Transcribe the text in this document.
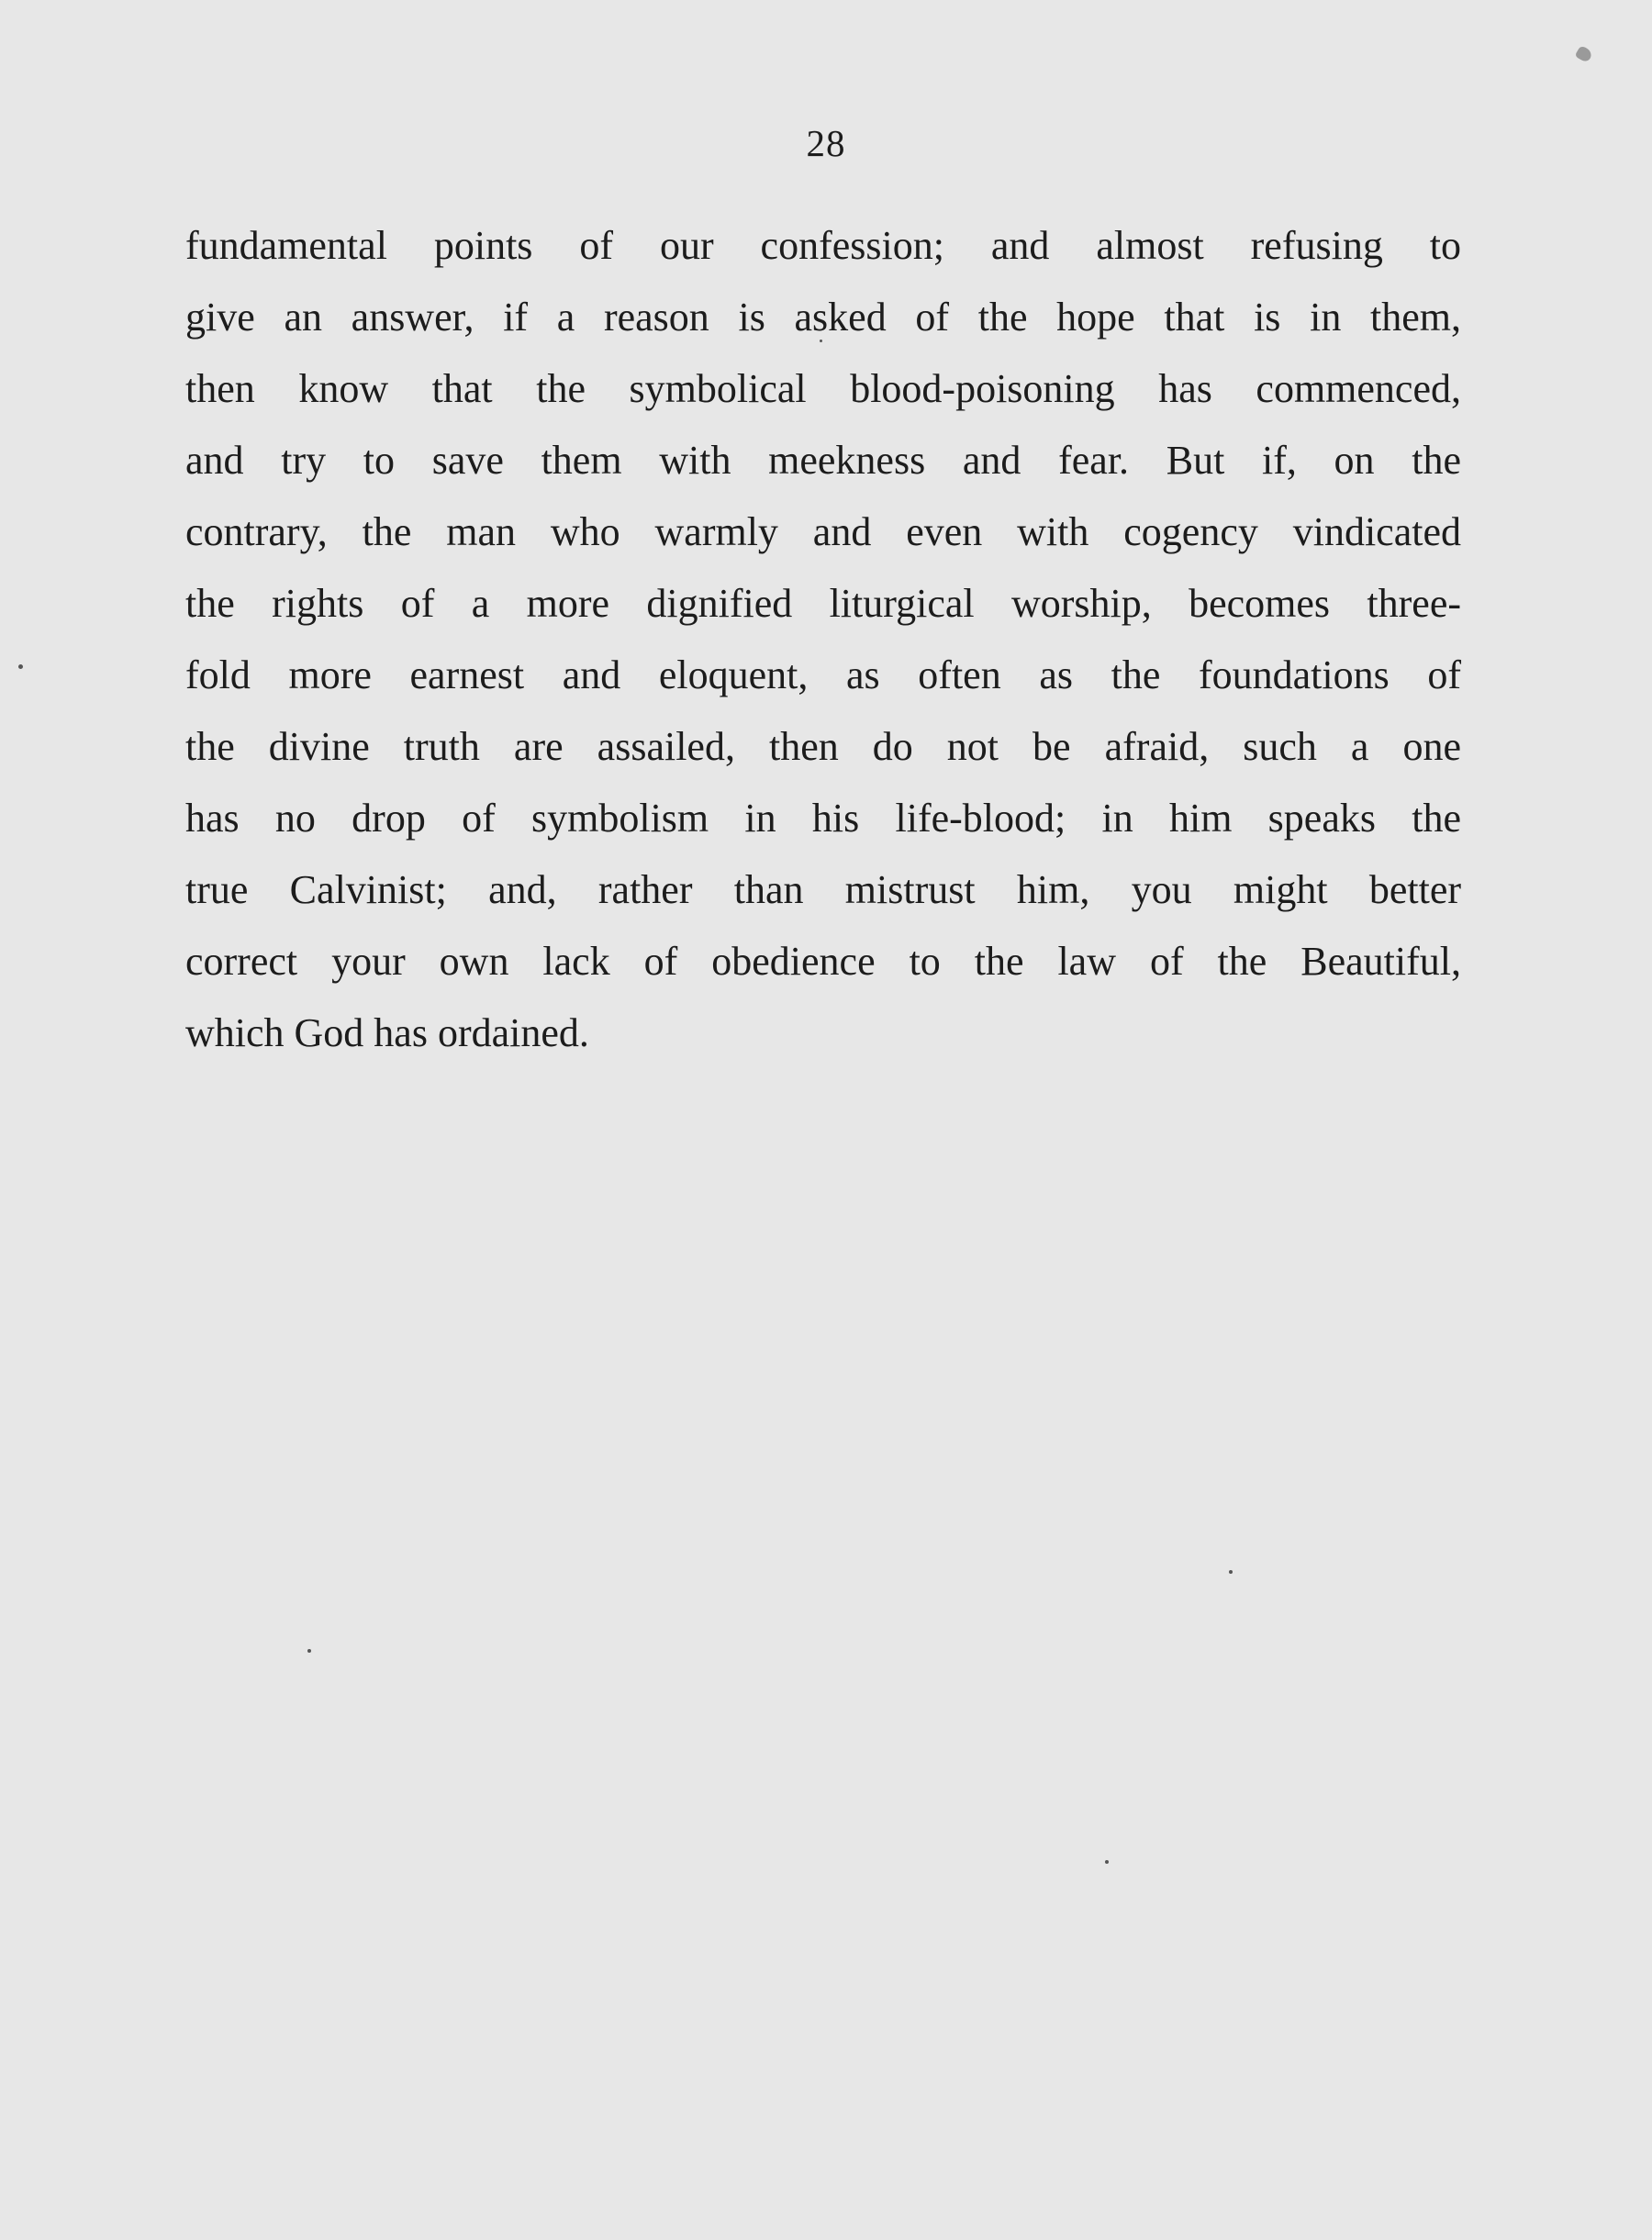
28
fundamental points of our confession; and almost refusing to
give an answer, if a reason is asked of the hope that is in them,
then know that the symbolical blood-poisoning has commenced,
and try to save them with meekness and fear. But if, on the
contrary, the man who warmly and even with cogency vindicated
the rights of a more dignified liturgical worship, becomes three-
fold more earnest and eloquent, as often as the foundations of
the divine truth are assailed, then do not be afraid, such a one
has no drop of symbolism in his life-blood; in him speaks the
true Calvinist; and, rather than mistrust him, you might better
correct your own lack of obedience to the law of the Beautiful,
which God has ordained.
